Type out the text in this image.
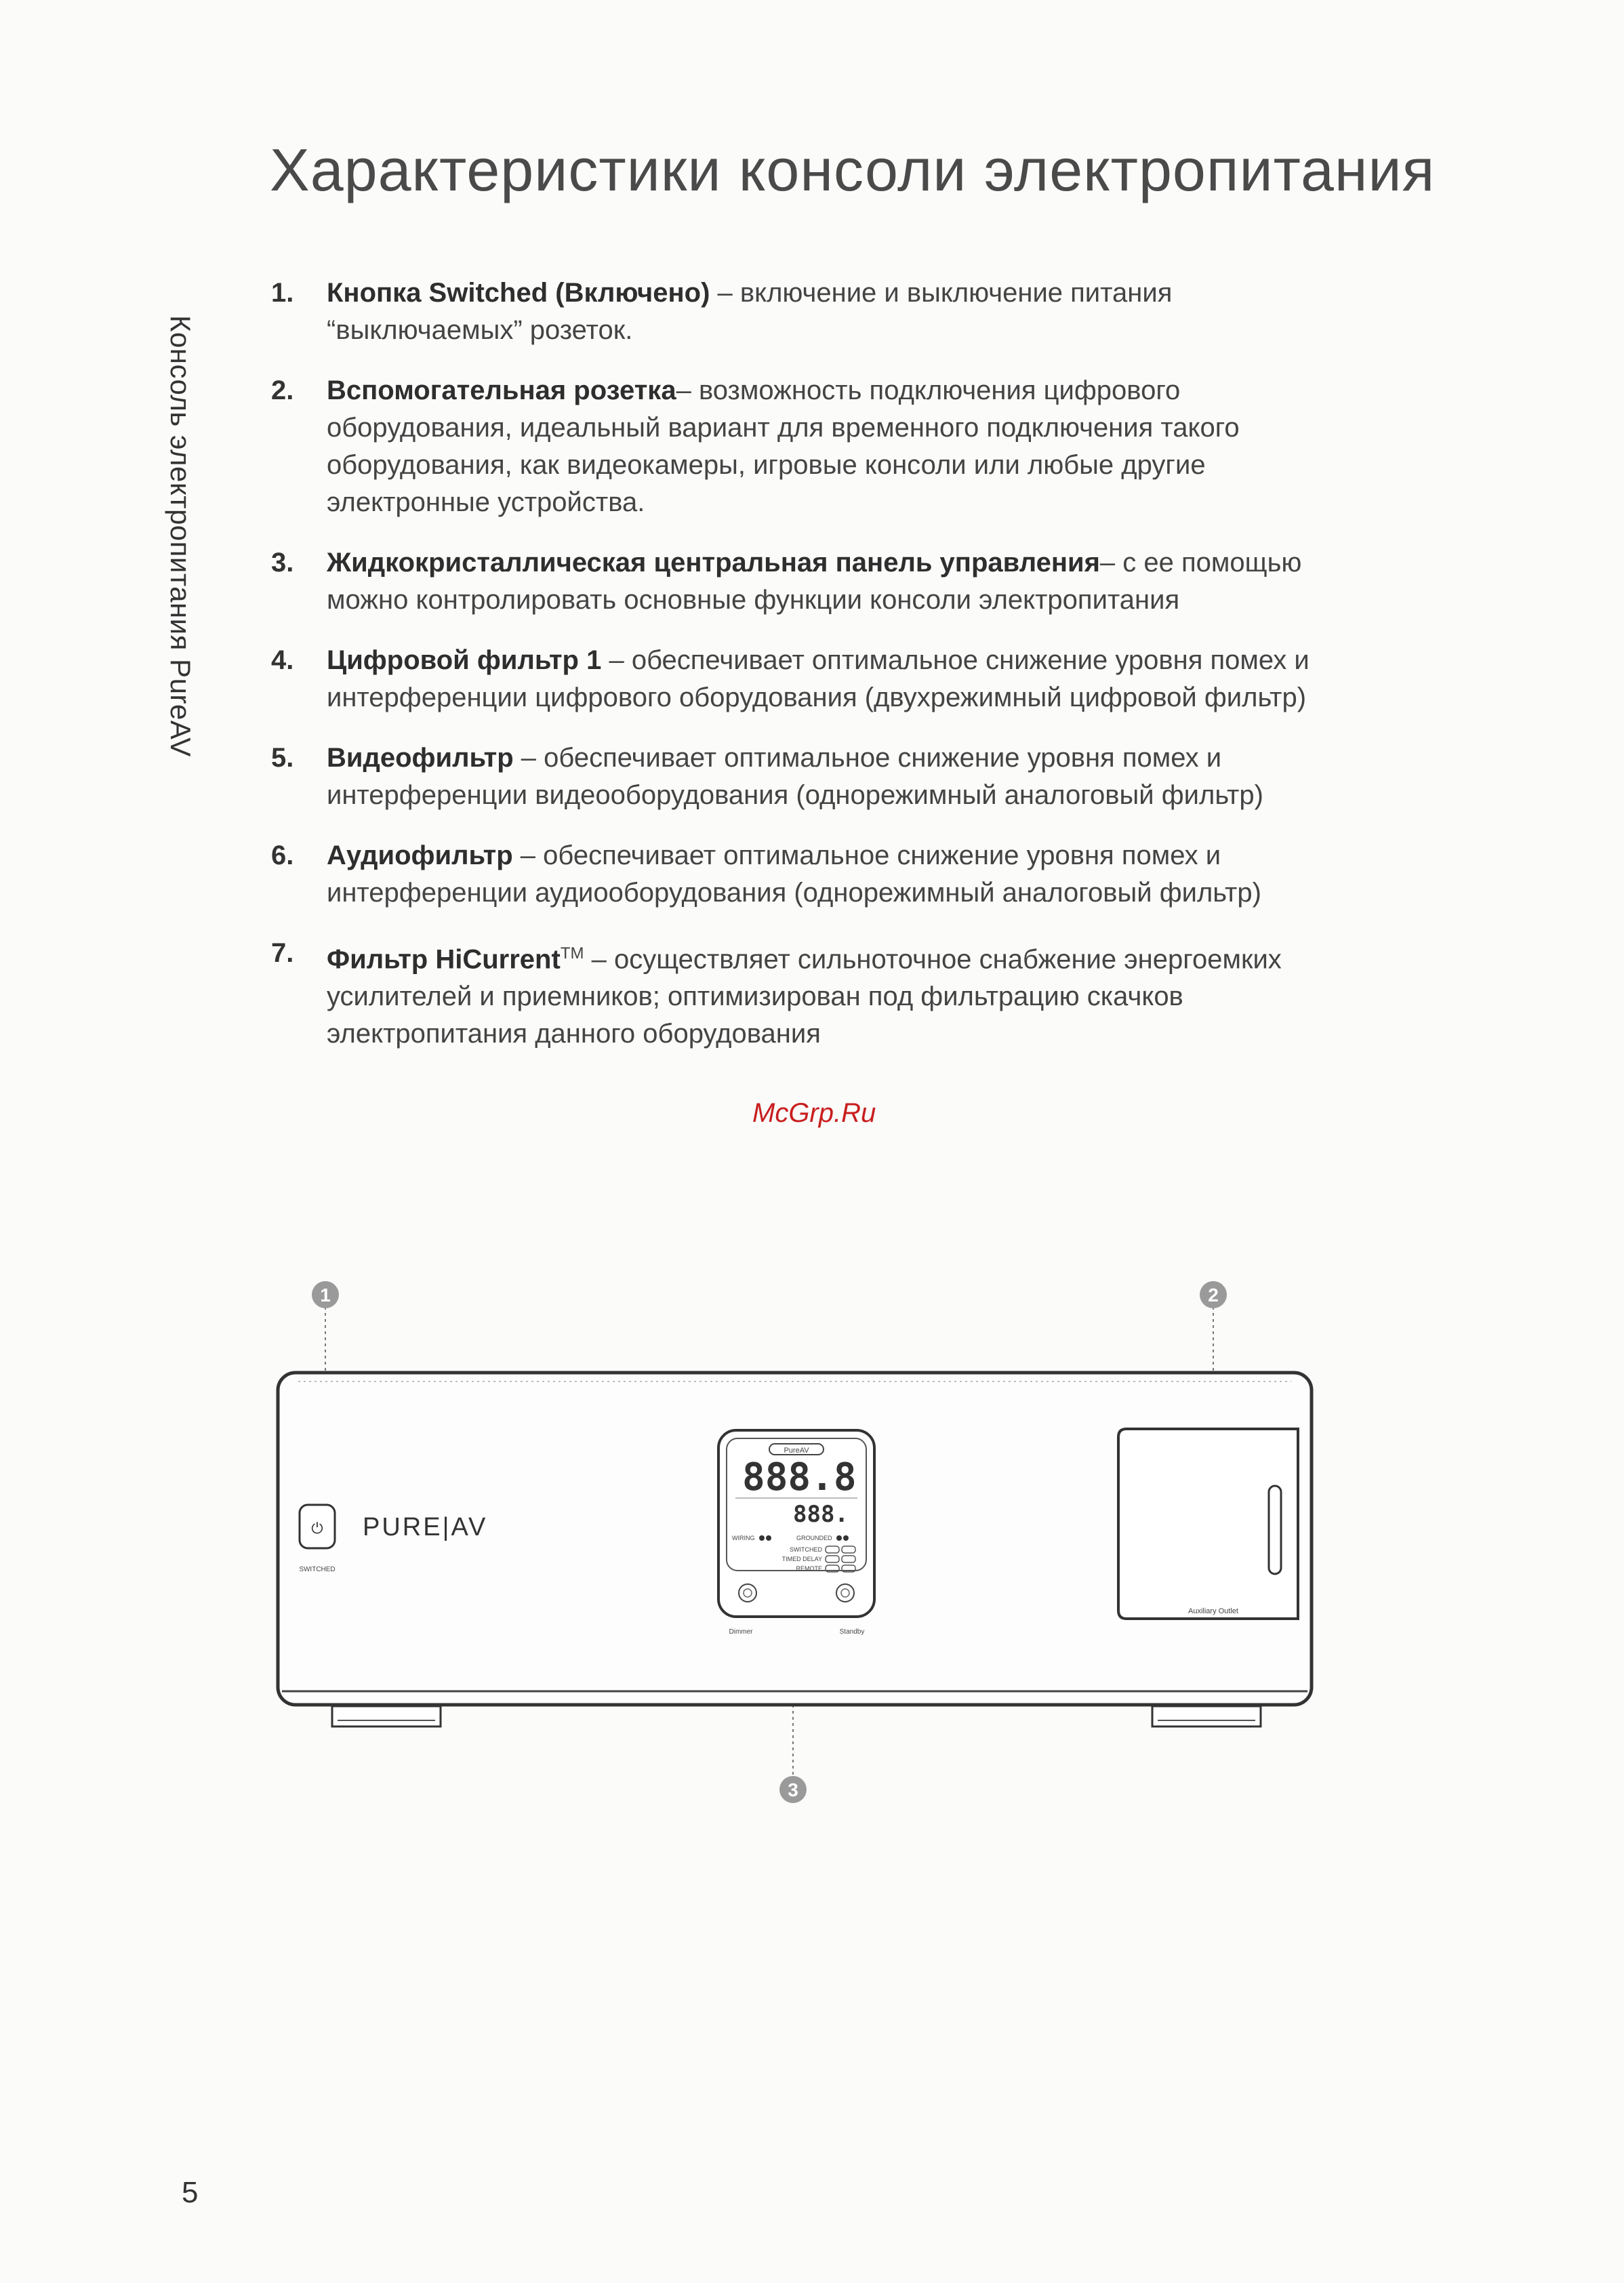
Консоль электропитания PureAV
Характеристики консоли электропитания
1. Кнопка Switched (Включено) – включение и выключение питания “выключаемых” розеток.
2. Вспомогательная розетка– возможность подключения цифрового оборудования, идеальный вариант для временного подключения такого оборудования, как видеокамеры, игровые консоли или любые другие электронные устройства.
3. Жидкокристаллическая центральная панель управления– с ее помощью можно контролировать основные функции консоли электропитания
4. Цифровой фильтр 1 – обеспечивает оптимальное снижение уровня помех и интерференции цифрового оборудования (двухрежимный цифровой фильтр)
5. Видеофильтр – обеспечивает оптимальное снижение уровня помех и интерференции видеооборудования (однорежимный аналоговый фильтр)
6. Аудиофильтр – обеспечивает оптимальное снижение уровня помех и интерференции аудиооборудования (однорежимный аналоговый фильтр)
7. Фильтр HiCurrent™ – осуществляет сильноточное снабжение энергоемких
усилителей и приемников; оптимизирован под фильтрацию скачков электропитания данного оборудования
McGrp.Ru
1	2
3
⏻
SWITCHED
PURE|AV
PureAV
888.8
888.
WIRING	GROUNDED
SWITCHED
TIMED DELAY
REMOTE
Dimmer	Standby
Auxiliary Outlet
5
